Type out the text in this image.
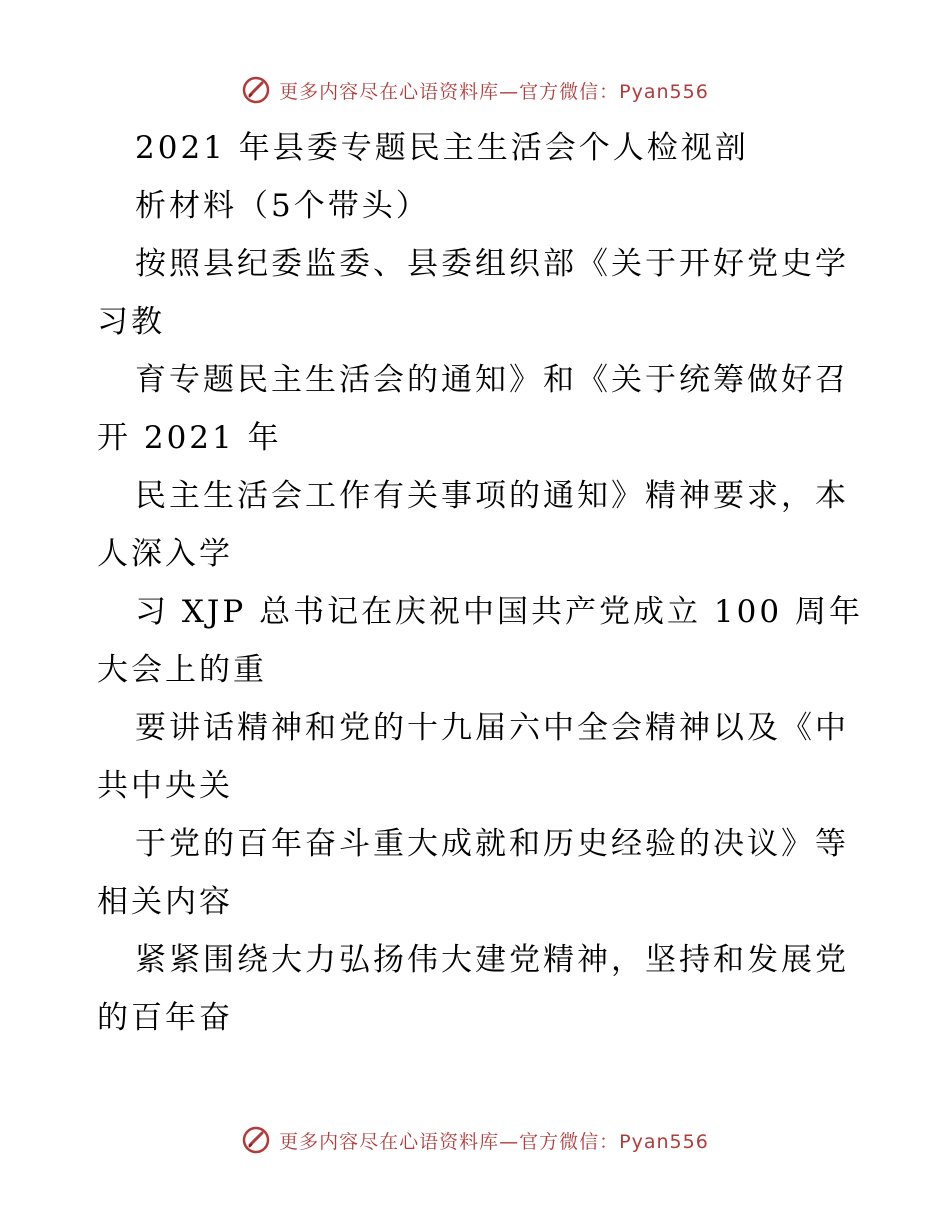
更多内容尽在心语资料库—官方微信：Pyan556
2021 年县委专题民主生活会个人检视剖
析材料（5个带头）
按照县纪委监委、县委组织部《关于开好党史学
习教
育专题民主生活会的通知》和《关于统筹做好召
开 2021 年
民主生活会工作有关事项的通知》精神要求，本
人深入学
习 XJP 总书记在庆祝中国共产党成立 100 周年
大会上的重
要讲话精神和党的十九届六中全会精神以及《中
共中央关
于党的百年奋斗重大成就和历史经验的决议》等
相关内容
紧紧围绕大力弘扬伟大建党精神，坚持和发展党
的百年奋
更多内容尽在心语资料库—官方微信：Pyan556
